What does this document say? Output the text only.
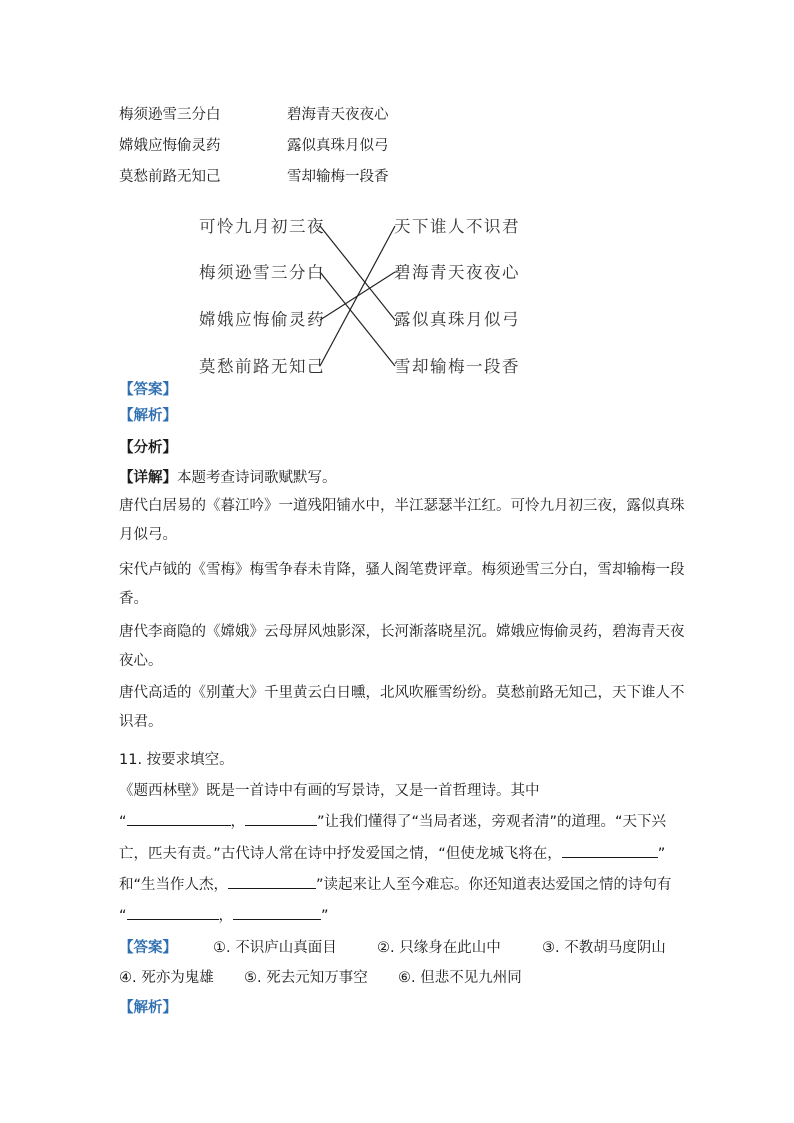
梅须逊雪三分白	碧海青天夜夜心
嫦娥应悔偷灵药	露似真珠月似弓
莫愁前路无知己	雪却输梅一段香
可怜九月初三夜
梅须逊雪三分白
嫦娥应悔偷灵药
莫愁前路无知己
天下谁人不识君
碧海青天夜夜心
露似真珠月似弓
雪却输梅一段香
【答案】
【解析】
【分析】
【详解】本题考查诗词歌赋默写。
唐代白居易的《暮江吟》一道残阳铺水中，半江瑟瑟半江红。可怜九月初三夜，露似真珠
月似弓。
宋代卢钺的《雪梅》梅雪争春未肯降，骚人阁笔费评章。梅须逊雪三分白，雪却输梅一段
香。
唐代李商隐的《嫦娥》云母屏风烛影深，长河渐落晓星沉。嫦娥应悔偷灵药，碧海青天夜
夜心。
唐代高适的《别董大》千里黄云白日曛，北风吹雁雪纷纷。莫愁前路无知己，天下谁人不
识君。
11. 按要求填空。
《题西林壁》既是一首诗中有画的写景诗，又是一首哲理诗。其中
“	，	”让我们懂得了“当局者迷，旁观者清”的道理。“天下兴
亡，匹夫有责。”古代诗人常在诗中抒发爱国之情，“但使龙城飞将在，	”
和“生当作人杰，	”读起来让人至今难忘。你还知道表达爱国之情的诗句有
“	，	”
【答案】 ①. 不识庐山真面目	②. 只缘身在此山中	③. 不教胡马度阴山
④. 死亦为鬼雄 ⑤. 死去元知万事空 ⑥. 但悲不见九州同
【解析】
